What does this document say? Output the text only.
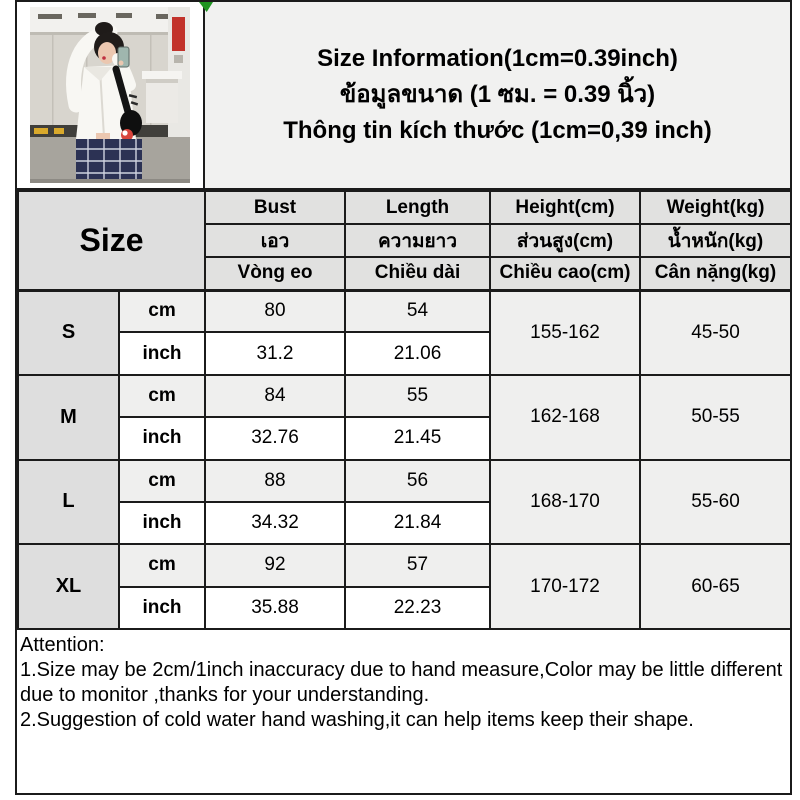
Size Information(1cm=0.39inch)
ข้อมูลขนาด (1 ซม. = 0.39 นิ้ว)
Thông tin kích thước (1cm=0,39 inch)
Size		Bust	Length	Height(cm)	Weight(kg)
		เอว	ความยาว	ส่วนสูง(cm)	น้ำหนัก(kg)
		Vòng eo	Chiều dài	Chiều cao(cm)	Cân nặng(kg)
S	cm	80	54	155-162	45-50
	inch	31.2	21.06		
M	cm	84	55	162-168	50-55
	inch	32.76	21.45		
L	cm	88	56	168-170	55-60
	inch	34.32	21.84		
XL	cm	92	57	170-172	60-65
	inch	35.88	22.23		
Attention:
1.Size may be 2cm/1inch inaccuracy due to hand measure,Color may be little different due to monitor ,thanks for your understanding.
2.Suggestion of cold water hand washing,it can help items keep their shape.
